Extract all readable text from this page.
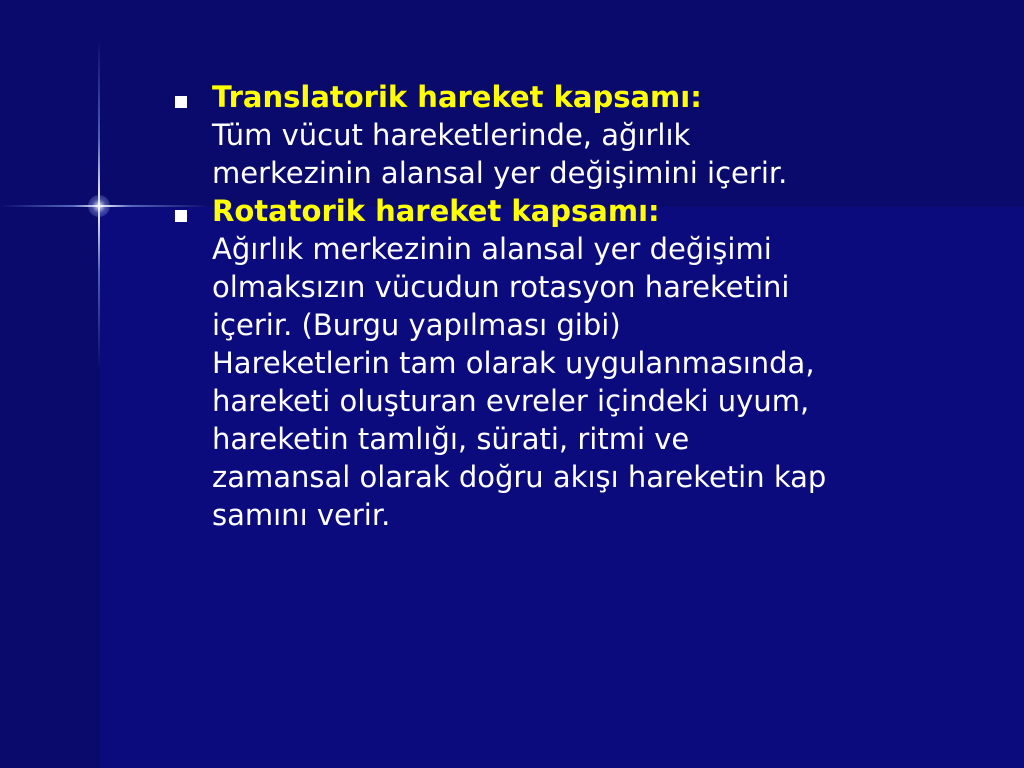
Translatorik hareket kapsamı:
Tüm vücut hareketlerinde, ağırlık
merkezinin alansal yer değişimini içerir.
Rotatorik hareket kapsamı:
Ağırlık merkezinin alansal yer değişimi
olmaksızın vücudun rotasyon hareketini
içerir. (Burgu yapılması gibi)
Hareketlerin tam olarak uygulanmasında,
hareketi oluşturan evreler içindeki uyum,
hareketin tamlığı, sürati, ritmi ve
zamansal olarak doğru akışı hareketin kap
samını verir.
